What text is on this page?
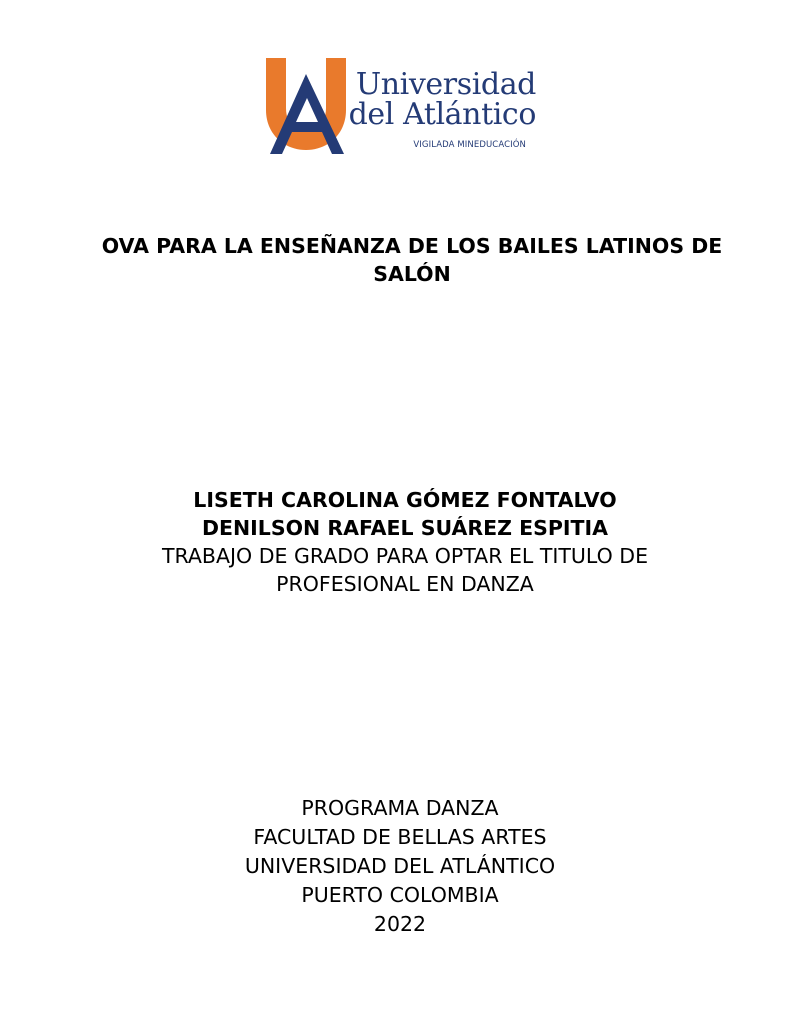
Universidad
del Atlántico
VIGILADA MINEDUCACIÓN
OVA PARA LA ENSEÑANZA DE LOS BAILES LATINOS DE
SALÓN
LISETH CAROLINA GÓMEZ FONTALVO
DENILSON RAFAEL SUÁREZ ESPITIA
TRABAJO DE GRADO PARA OPTAR EL TITULO DE
PROFESIONAL EN DANZA
PROGRAMA DANZA
FACULTAD DE BELLAS ARTES
UNIVERSIDAD DEL ATLÁNTICO
PUERTO COLOMBIA
2022
